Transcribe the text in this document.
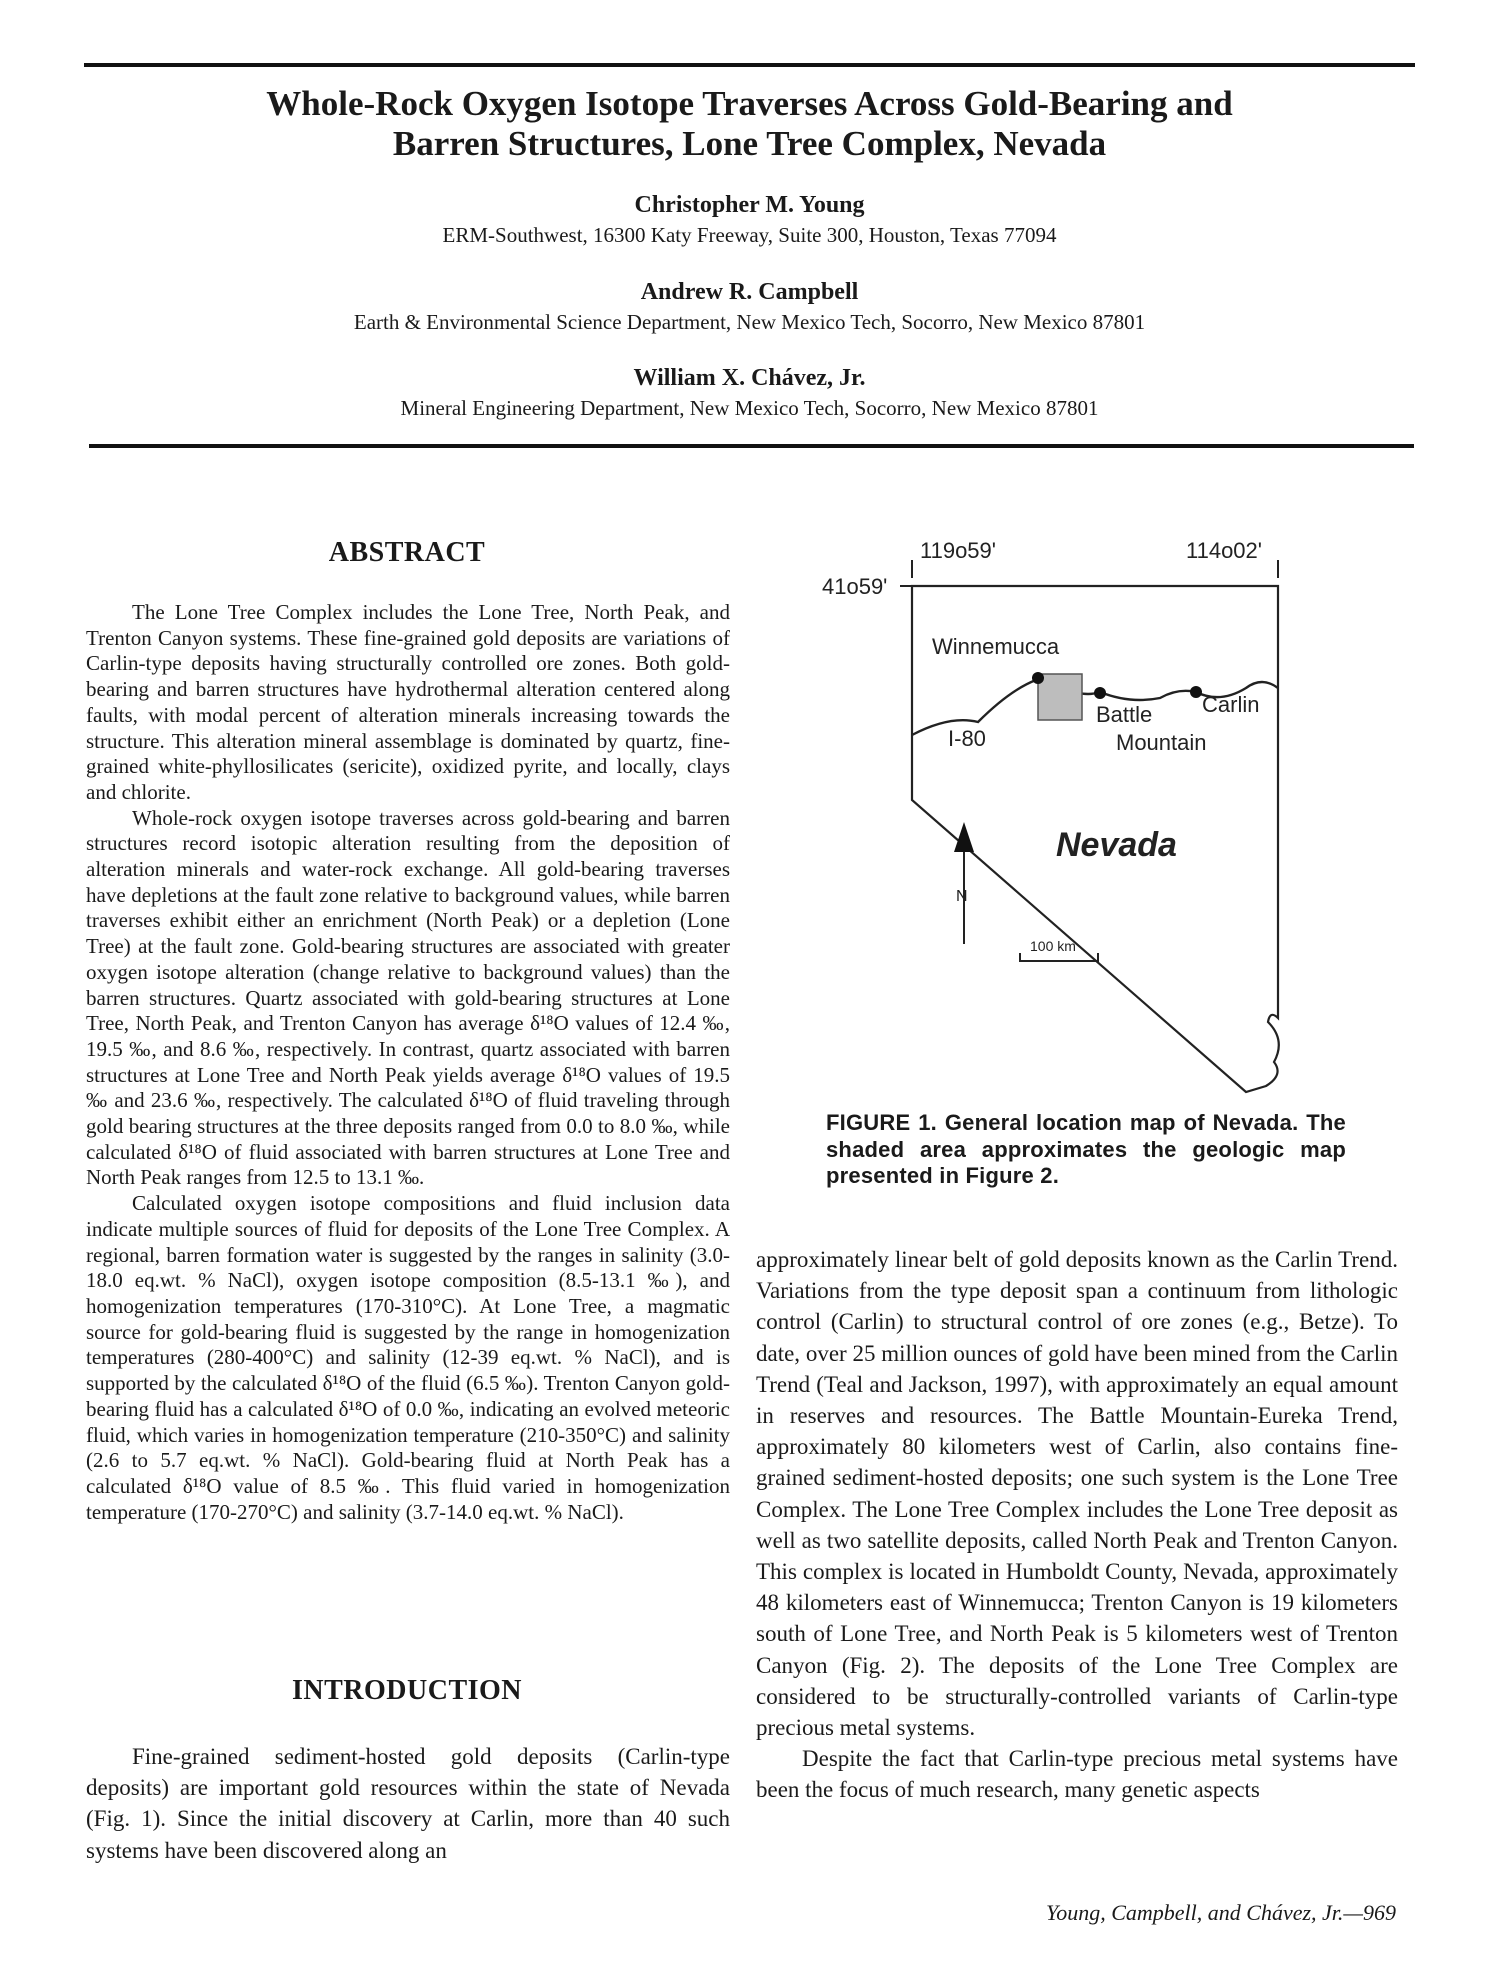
Whole-Rock Oxygen Isotope Traverses Across Gold-Bearing and
Barren Structures, Lone Tree Complex, Nevada
Christopher M. Young
ERM-Southwest, 16300 Katy Freeway, Suite 300, Houston, Texas 77094
Andrew R. Campbell
Earth & Environmental Science Department, New Mexico Tech, Socorro, New Mexico 87801
William X. Chávez, Jr.
Mineral Engineering Department, New Mexico Tech, Socorro, New Mexico 87801
ABSTRACT

The Lone Tree Complex includes the Lone Tree, North Peak, and Trenton Canyon systems. These fine-grained gold deposits are variations of Carlin-type deposits having structurally controlled ore zones. Both gold-bearing and barren structures have hydrothermal alteration centered along faults, with modal percent of alteration minerals increasing towards the structure. This alteration mineral assemblage is dominated by quartz, fine-grained white-phyllosilicates (sericite), oxidized pyrite, and locally, clays and chlorite.

Whole-rock oxygen isotope traverses across gold-bearing and barren structures record isotopic alteration resulting from the deposition of alteration minerals and water-rock exchange. All gold-bearing traverses have depletions at the fault zone relative to background values, while barren traverses exhibit either an enrichment (North Peak) or a depletion (Lone Tree) at the fault zone. Gold-bearing structures are associated with greater oxygen isotope alteration (change relative to background values) than the barren structures. Quartz associated with gold-bearing structures at Lone Tree, North Peak, and Trenton Canyon has average δ¹⁸O values of 12.4 ‰, 19.5 ‰, and 8.6 ‰, respectively. In contrast, quartz associated with barren structures at Lone Tree and North Peak yields average δ¹⁸O values of 19.5 ‰ and 23.6 ‰, respectively. The calculated δ¹⁸O of fluid traveling through gold bearing structures at the three deposits ranged from 0.0 to 8.0 ‰, while calculated δ¹⁸O of fluid associated with barren structures at Lone Tree and North Peak ranges from 12.5 to 13.1 ‰.

Calculated oxygen isotope compositions and fluid inclusion data indicate multiple sources of fluid for deposits of the Lone Tree Complex. A regional, barren formation water is suggested by the ranges in salinity (3.0-18.0 eq.wt. % NaCl), oxygen isotope composition (8.5-13.1 ‰), and homogenization temperatures (170-310°C). At Lone Tree, a magmatic source for gold-bearing fluid is suggested by the range in homogenization temperatures (280-400°C) and salinity (12-39 eq.wt. % NaCl), and is supported by the calculated δ¹⁸O of the fluid (6.5 ‰). Trenton Canyon gold-bearing fluid has a calculated δ¹⁸O of 0.0 ‰, indicating an evolved meteoric fluid, which varies in homogenization temperature (210-350°C) and salinity (2.6 to 5.7 eq.wt. % NaCl). Gold-bearing fluid at North Peak has a calculated δ¹⁸O value of 8.5 ‰. This fluid varied in homogenization temperature (170-270°C) and salinity (3.7-14.0 eq.wt. % NaCl).

INTRODUCTION

Fine-grained sediment-hosted gold deposits (Carlin-type deposits) are important gold resources within the state of Nevada (Fig. 1). Since the initial discovery at Carlin, more than 40 such systems have been discovered along an

approximately linear belt of gold deposits known as the Carlin Trend. Variations from the type deposit span a continuum from lithologic control (Carlin) to structural control of ore zones (e.g., Betze). To date, over 25 million ounces of gold have been mined from the Carlin Trend (Teal and Jackson, 1997), with approximately an equal amount in reserves and resources. The Battle Mountain-Eureka Trend, approximately 80 kilometers west of Carlin, also contains fine-grained sediment-hosted deposits; one such system is the Lone Tree Complex. The Lone Tree Complex includes the Lone Tree deposit as well as two satellite deposits, called North Peak and Trenton Canyon. This complex is located in Humboldt County, Nevada, approximately 48 kilometers east of Winnemucca; Trenton Canyon is 19 kilometers south of Lone Tree, and North Peak is 5 kilometers west of Trenton Canyon (Fig. 2). The deposits of the Lone Tree Complex are considered to be structurally-controlled variants of Carlin-type precious metal systems.

Despite the fact that Carlin-type precious metal systems have been the focus of much research, many genetic aspects

119o59'	114o02'
41o59'
Winnemucca
Battle
Mountain
Carlin
I-80
Nevada
N
100 km
FIGURE 1. General location map of Nevada. The shaded area approximates the geologic map presented in Figure 2.
Young, Campbell, and Chávez, Jr.—969
